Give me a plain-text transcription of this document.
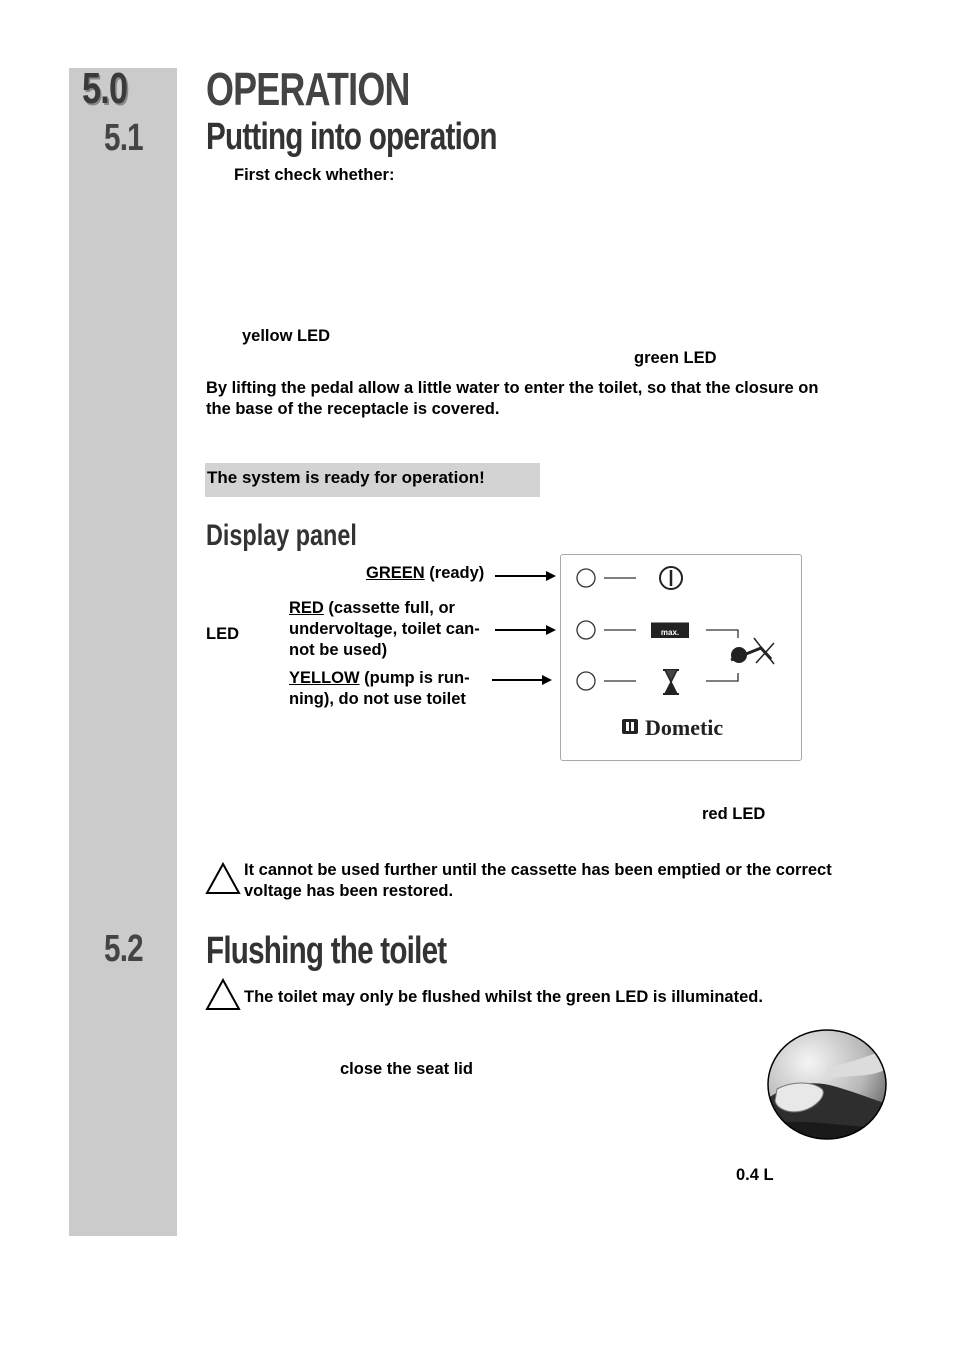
5.0
5.1
5.2
OPERATION
Putting into operation
First check whether:
yellow LED
green LED
By lifting the pedal allow a little water to enter the toilet, so that the closure on
the base of the receptacle is covered.
The system is ready for operation!
Display panel
LED
GREEN (ready)
RED (cassette full, or
undervoltage, toilet can-
not be used)
YELLOW (pump is run-
ning), do not use toilet
max.
Dometic
red LED
It cannot be used further until the cassette has been emptied or the correct
voltage has been restored.
Flushing the toilet
The toilet may only be flushed whilst the green LED is illuminated.
close the seat lid
0.4 L
